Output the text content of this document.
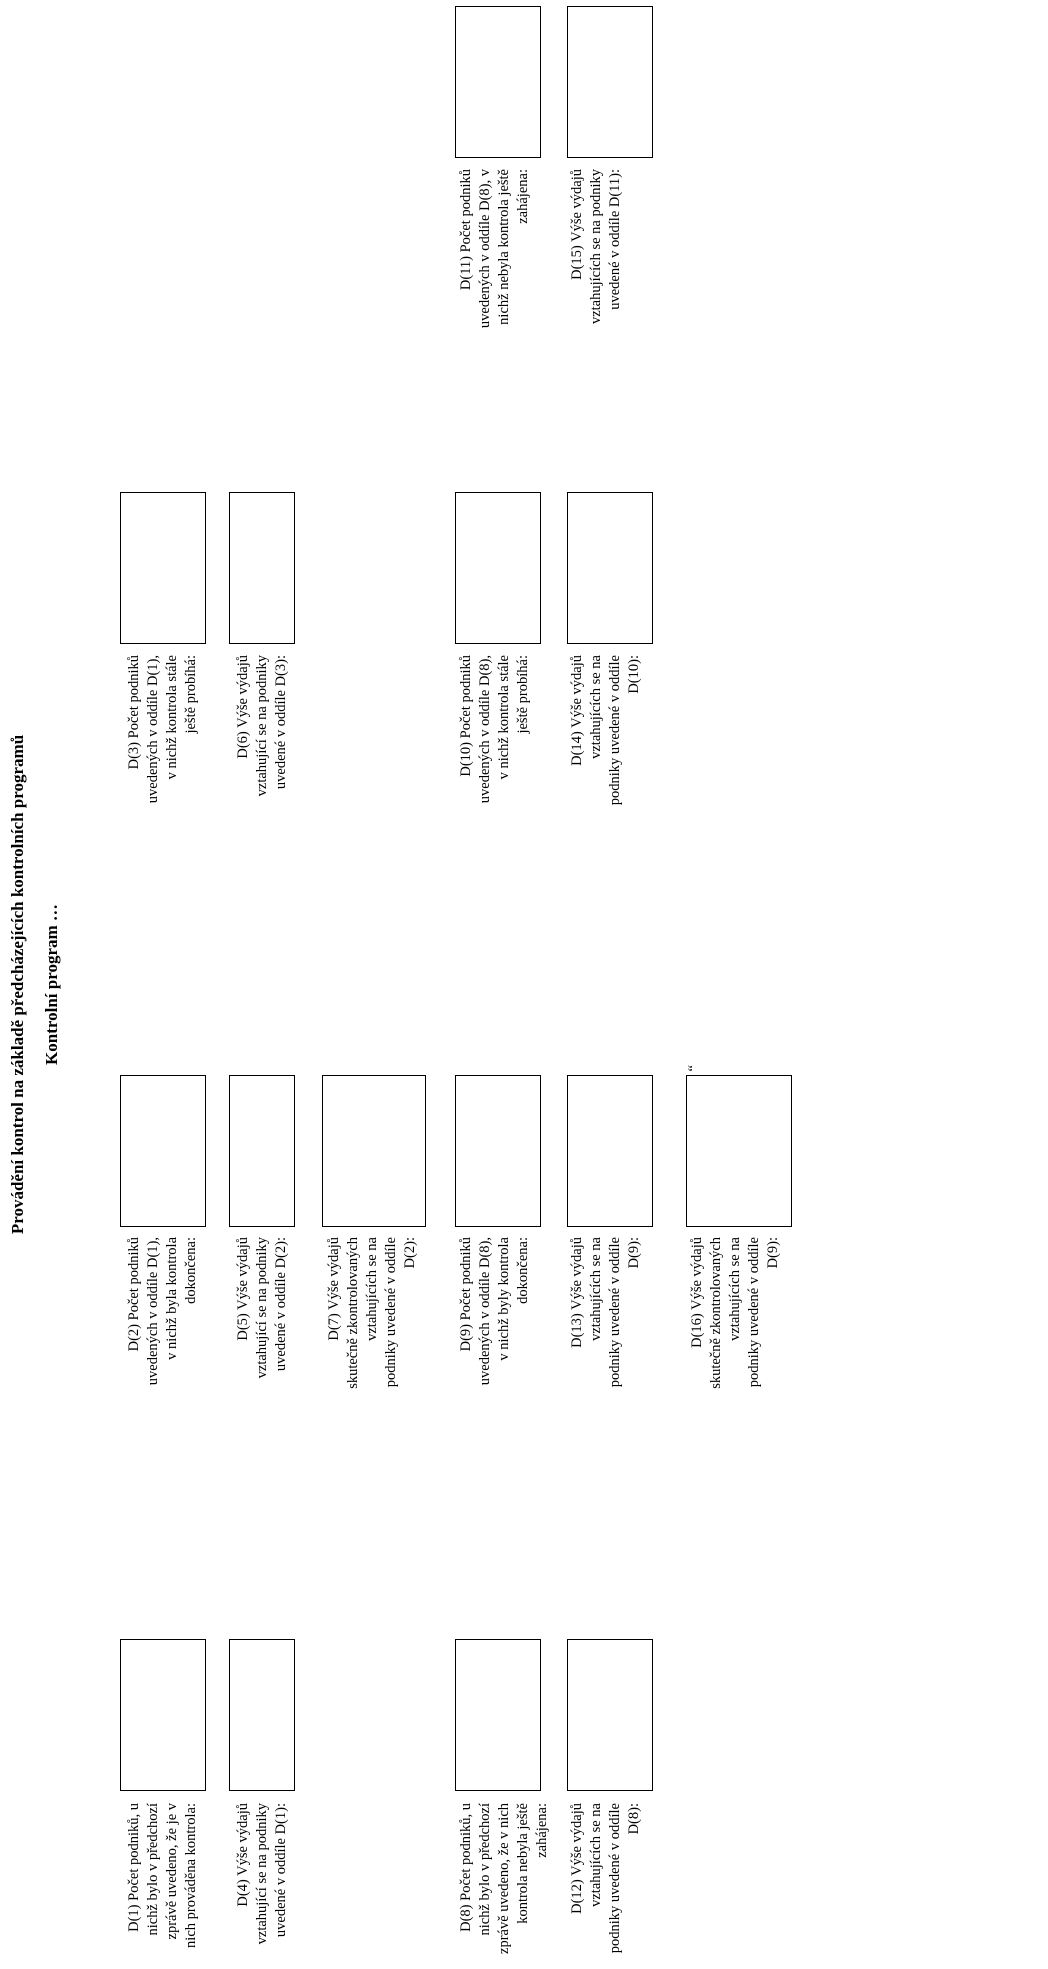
Provádění kontrol na základě předcházejících kontrolních programů Kontrolní program …
D(1) Počet podniků, u nichž bylo v předchozí zprávě uvedeno, že je v nich prováděna kontrola:
D(2) Počet podniků uvedených v oddíle D(1), v nichž byla kontrola dokončena:
D(3) Počet podniků uvedených v oddíle D(1), v nichž kontrola stále ještě probíhá:
D(4) Výše výdajů vztahující se na podniky uvedené v oddíle D(1):
D(5) Výše výdajů vztahující se na podniky uvedené v oddíle D(2):
D(6) Výše výdajů vztahující se na podniky uvedené v oddíle D(3):
D(7) Výše výdajů skutečně zkontrolovaných vztahujících se na podniky uvedené v oddíle D(2):
D(8) Počet podniků, u nichž bylo v předchozí zprávě uvedeno, že v nich kontrola nebyla ještě zahájena:
D(9) Počet podniků uvedených v oddíle D(8), v nichž byly kontrola dokončena:
D(10) Počet podniků uvedených v oddíle D(8), v nichž kontrola stále ještě probíhá:
D(11) Počet podniků uvedených v oddíle D(8), v nichž nebyla kontrola ještě zahájena:
D(12) Výše výdajů vztahujících se na podniky uvedené v oddíle D(8):
D(13) Výše výdajů vztahujících se na podniky uvedené v oddíle D(9):
D(14) Výše výdajů vztahujících se na podniky uvedené v oddíle D(10):
D(15) Výše výdajů vztahujících se na podniky uvedené v oddíle D(11):
D(16) Výše výdajů skutečně zkontrolovaných vztahujících se na podniky uvedené v oddíle D(9):
“
